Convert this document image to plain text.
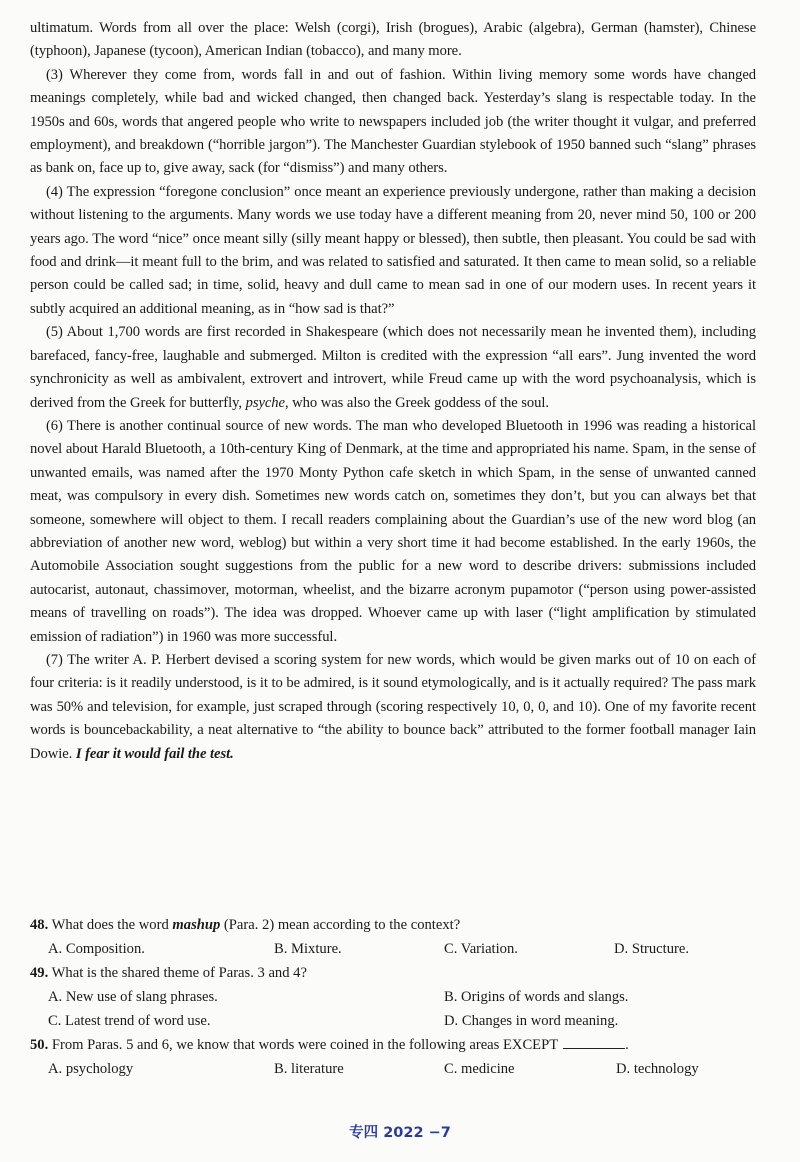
ultimatum. Words from all over the place: Welsh (corgi), Irish (brogues), Arabic (algebra), German (hamster), Chinese (typhoon), Japanese (tycoon), American Indian (tobacco), and many more.

(3) Wherever they come from, words fall in and out of fashion. Within living memory some words have changed meanings completely, while bad and wicked changed, then changed back. Yesterday’s slang is respectable today. In the 1950s and 60s, words that angered people who write to newspapers included job (the writer thought it vulgar, and preferred employment), and breakdown (“horrible jargon”). The Manchester Guardian stylebook of 1950 banned such “slang” phrases as bank on, face up to, give away, sack (for “dismiss”) and many others.

(4) The expression “foregone conclusion” once meant an experience previously undergone, rather than making a decision without listening to the arguments. Many words we use today have a different meaning from 20, never mind 50, 100 or 200 years ago. The word “nice” once meant silly (silly meant happy or blessed), then subtle, then pleasant. You could be sad with food and drink—it meant full to the brim, and was related to satisfied and saturated. It then came to mean solid, so a reliable person could be called sad; in time, solid, heavy and dull came to mean sad in one of our modern uses. In recent years it subtly acquired an additional meaning, as in “how sad is that?”

(5) About 1,700 words are first recorded in Shakespeare (which does not necessarily mean he invented them), including barefaced, fancy-free, laughable and submerged. Milton is credited with the expression “all ears”. Jung invented the word synchronicity as well as ambivalent, extrovert and introvert, while Freud came up with the word psychoanalysis, which is derived from the Greek for butterfly, psyche, who was also the Greek goddess of the soul.

(6) There is another continual source of new words. The man who developed Bluetooth in 1996 was reading a historical novel about Harald Bluetooth, a 10th-century King of Denmark, at the time and appropriated his name. Spam, in the sense of unwanted emails, was named after the 1970 Monty Python cafe sketch in which Spam, in the sense of unwanted canned meat, was compulsory in every dish. Sometimes new words catch on, sometimes they don’t, but you can always bet that someone, somewhere will object to them. I recall readers complaining about the Guardian’s use of the new word blog (an abbreviation of another new word, weblog) but within a very short time it had become established. In the early 1960s, the Automobile Association sought suggestions from the public for a new word to describe drivers: submissions included autocarist, autonaut, chassimover, motorman, wheelist, and the bizarre acronym pupamotor (“person using power-assisted means of travelling on roads”). The idea was dropped. Whoever came up with laser (“light amplification by stimulated emission of radiation”) in 1960 was more successful.

(7) The writer A. P. Herbert devised a scoring system for new words, which would be given marks out of 10 on each of four criteria: is it readily understood, is it to be admired, is it sound etymologically, and is it actually required? The pass mark was 50% and television, for example, just scraped through (scoring respectively 10, 0, 0, and 10). One of my favorite recent words is bouncebackability, a neat alternative to “the ability to bounce back” attributed to the former football manager Iain Dowie. I fear it would fail the test.

48. What does the word mashup (Para. 2) mean according to the context?

A. Composition.	B. Mixture.	C. Variation.	D. Structure.

49. What is the shared theme of Paras. 3 and 4?

A. New use of slang phrases.	B. Origins of words and slangs.
C. Latest trend of word use.	D. Changes in word meaning.

50. From Paras. 5 and 6, we know that words were coined in the following areas EXCEPT	.

A. psychology	B. literature	C. medicine	D. technology
专四 2022 −7
